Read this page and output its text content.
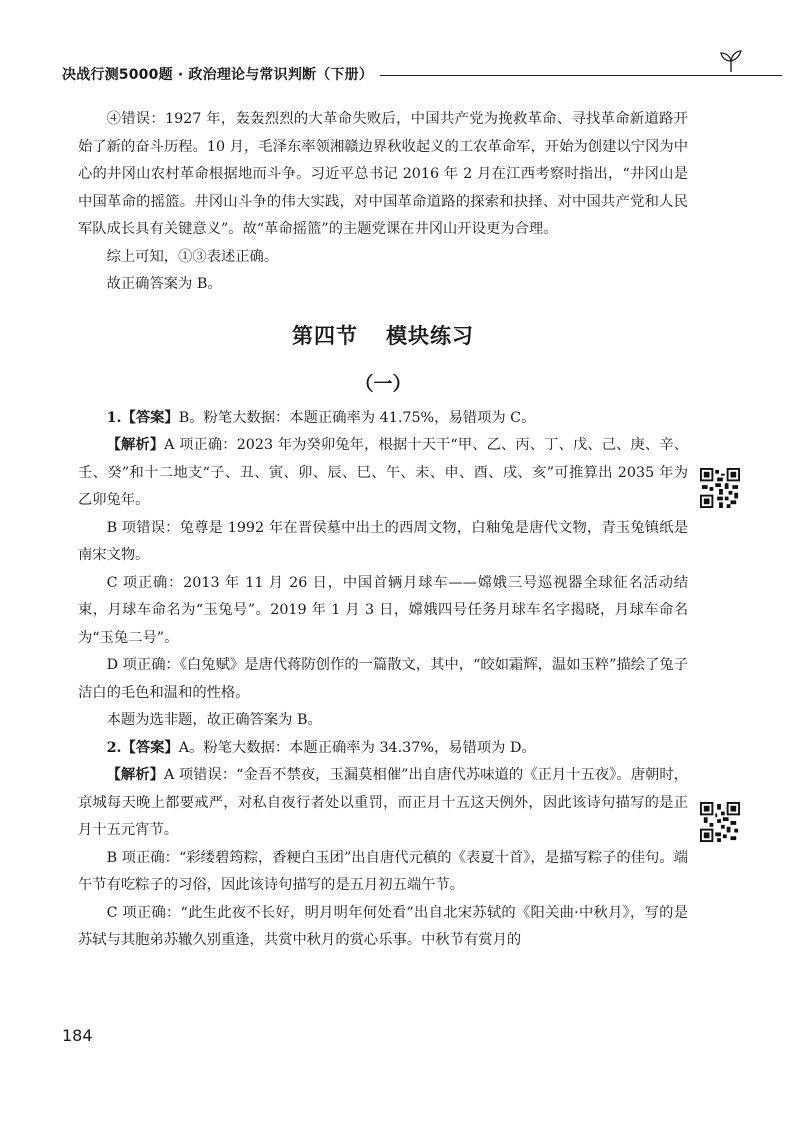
决战行测5000题 · 政治理论与常识判断（下册）

④错误：1927 年，轰轰烈烈的大革命失败后，中国共产党为挽救革命、寻找革命新道路开始了新的奋斗历程。10 月，毛泽东率领湘赣边界秋收起义的工农革命军，开始为创建以宁冈为中心的井冈山农村革命根据地而斗争。习近平总书记 2016 年 2 月在江西考察时指出，“井冈山是中国革命的摇篮。井冈山斗争的伟大实践，对中国革命道路的探索和抉择、对中国共产党和人民军队成长具有关键意义”。故“革命摇篮”的主题党课在井冈山开设更为合理。

综上可知，①③表述正确。

故正确答案为 B。

第四节 模块练习
（一）

1.【答案】B。粉笔大数据：本题正确率为 41.75%，易错项为 C。

【解析】A 项正确：2023 年为癸卯兔年，根据十天干“甲、乙、丙、丁、戊、己、庚、辛、壬、癸”和十二地支“子、丑、寅、卯、辰、巳、午、未、申、酉、戌、亥”可推算出 2035 年为乙卯兔年。

B 项错误：兔尊是 1992 年在晋侯墓中出土的西周文物，白釉兔是唐代文物，青玉兔镇纸是南宋文物。

C 项正确：2013 年 11 月 26 日，中国首辆月球车——嫦娥三号巡视器全球征名活动结束，月球车命名为“玉兔号”。2019 年 1 月 3 日，嫦娥四号任务月球车名字揭晓，月球车命名为“玉兔二号”。

D 项正确：《白兔赋》是唐代蒋防创作的一篇散文，其中，“皎如霜辉，温如玉粹”描绘了兔子洁白的毛色和温和的性格。

本题为选非题，故正确答案为 B。

2.【答案】A。粉笔大数据：本题正确率为 34.37%，易错项为 D。

【解析】A 项错误：“金吾不禁夜，玉漏莫相催”出自唐代苏味道的《正月十五夜》。唐朝时，京城每天晚上都要戒严，对私自夜行者处以重罚，而正月十五这天例外，因此该诗句描写的是正月十五元宵节。

B 项正确：“彩缕碧筠粽，香粳白玉团”出自唐代元稹的《表夏十首》，是描写粽子的佳句。端午节有吃粽子的习俗，因此该诗句描写的是五月初五端午节。

C 项正确：“此生此夜不长好，明月明年何处看”出自北宋苏轼的《阳关曲·中秋月》，写的是苏轼与其胞弟苏辙久别重逢，共赏中秋月的赏心乐事。中秋节有赏月的

184
